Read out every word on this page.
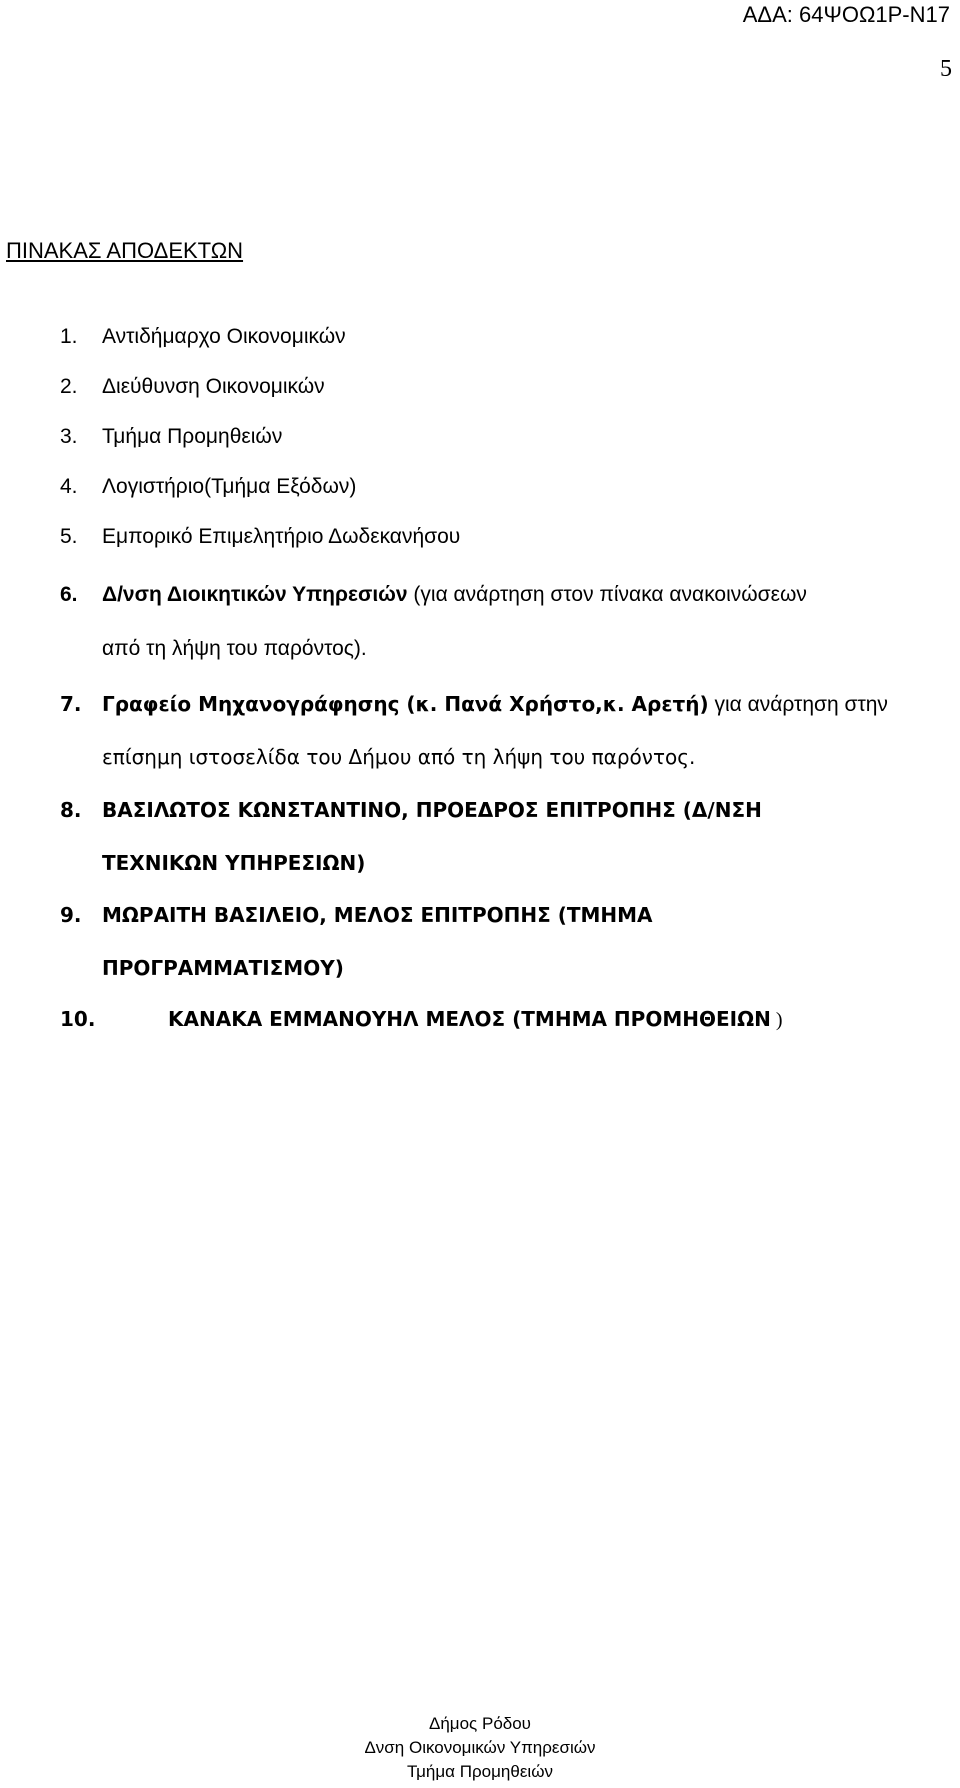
ΑΔΑ: 64ΨΟΩ1Ρ-Ν17
5
ΠΙΝΑΚΑΣ ΑΠΟΔΕΚΤΩΝ
1. Αντιδήμαρχο Οικονομικών
2. Διεύθυνση Οικονομικών
3. Τμήμα Προμηθειών
4. Λογιστήριο(Τμήμα Εξόδων)
5. Εμπορικό Επιμελητήριο Δωδεκανήσου
6. Δ/νση Διοικητικών Υπηρεσιών (για ανάρτηση στον πίνακα ανακοινώσεων
από τη λήψη του παρόντος).
7. Γραφείο Μηχανογράφησης (κ. Πανά Χρήστο,κ. Αρετή) για ανάρτηση στην
επίσημη ιστοσελίδα του Δήμου από τη λήψη του παρόντος.
8. ΒΑΣΙΛΩΤΟΣ ΚΩΝΣΤΑΝΤΙΝΟ, ΠΡΟΕΔΡΟΣ ΕΠΙΤΡΟΠΗΣ (Δ/ΝΣΗ
ΤΕΧΝΙΚΩΝ ΥΠΗΡΕΣΙΩΝ)
9. ΜΩΡΑΙΤΗ ΒΑΣΙΛΕΙΟ, ΜΕΛΟΣ ΕΠΙΤΡΟΠΗΣ (ΤΜΗΜΑ
ΠΡΟΓΡΑΜΜΑΤΙΣΜΟΥ)
10.	ΚΑΝΑΚΑ ΕΜΜΑΝΟΥΗΛ ΜΕΛΟΣ (ΤΜΗΜΑ ΠΡΟΜΗΘΕΙΩΝ )
Δήμος Ρόδου
Δνση Οικονομικών Υπηρεσιών
Τμήμα Προμηθειών
